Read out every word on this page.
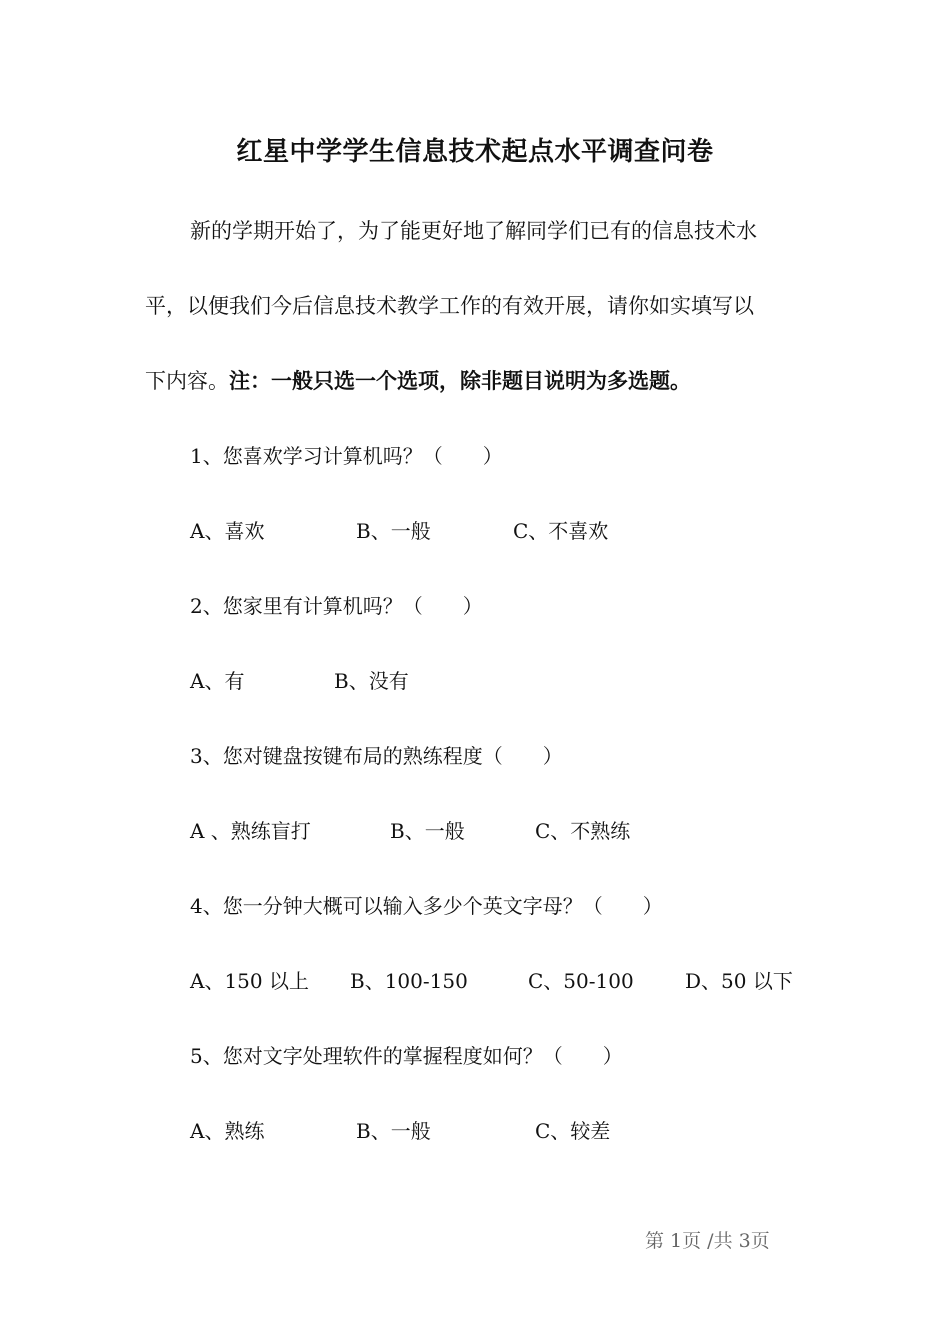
红星中学学生信息技术起点水平调查问卷
新的学期开始了，为了能更好地了解同学们已有的信息技术水
平，以便我们今后信息技术教学工作的有效开展，请你如实填写以
下内容。注：一般只选一个选项，除非题目说明为多选题。
1、您喜欢学习计算机吗？（　　）
A、喜欢	B、一般	C、不喜欢
2、您家里有计算机吗？（　　）
A、有	B、没有
3、您对键盘按键布局的熟练程度（　　）
A 、熟练盲打	B、一般	C、不熟练
4、您一分钟大概可以输入多少个英文字母？（　　）
A、150 以上 B、100-150	C、50-100	D、50 以下
5、您对文字处理软件的掌握程度如何？（　　）
A、熟练	B、一般	C、较差
第 1页 /共 3页
